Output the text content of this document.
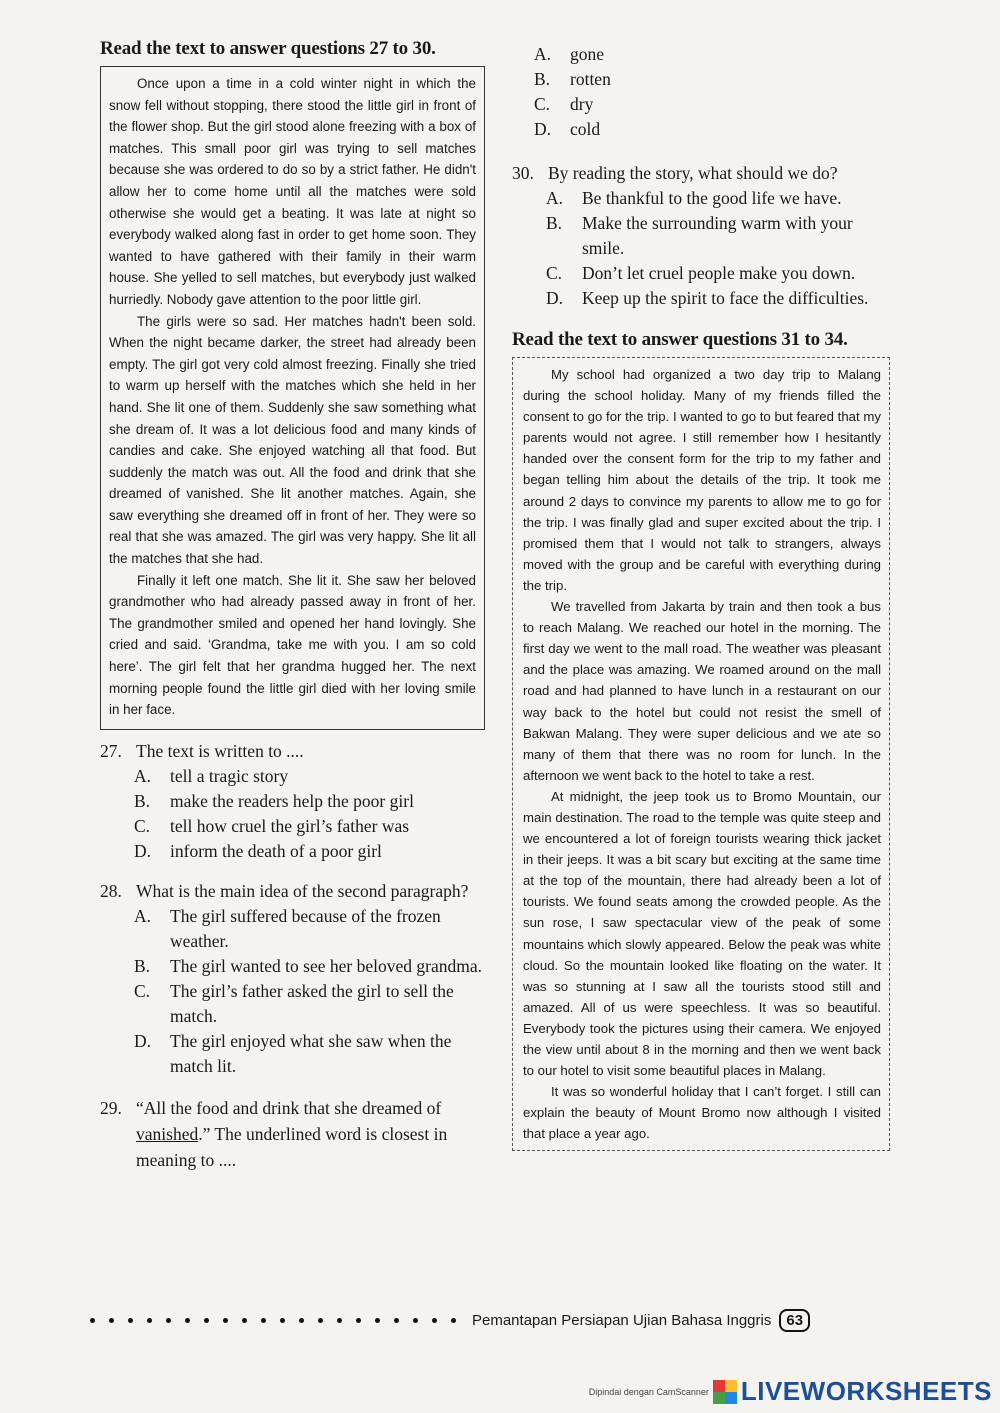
Read the text to answer questions 27 to 30.

Once upon a time in a cold winter night in which the snow fell without stopping, there stood the little girl in front of the flower shop. But the girl stood alone freezing with a box of matches. This small poor girl was trying to sell matches because she was ordered to do so by a strict father. He didn't allow her to come home until all the matches were sold otherwise she would get a beating. It was late at night so everybody walked along fast in order to get home soon. They wanted to have gathered with their family in their warm house. She yelled to sell matches, but everybody just walked hurriedly. Nobody gave attention to the poor little girl.

The girls were so sad. Her matches hadn't been sold. When the night became darker, the street had already been empty. The girl got very cold almost freezing. Finally she tried to warm up herself with the matches which she held in her hand. She lit one of them. Suddenly she saw something what she dream of. It was a lot delicious food and many kinds of candies and cake. She enjoyed watching all that food. But suddenly the match was out. All the food and drink that she dreamed of vanished. She lit another matches. Again, she saw everything she dreamed off in front of her. They were so real that she was amazed. The girl was very happy. She lit all the matches that she had.

Finally it left one match. She lit it. She saw her beloved grandmother who had already passed away in front of her. The grandmother smiled and opened her hand lovingly. She cried and said. ‘Grandma, take me with you. I am so cold here’. The girl felt that her grandma hugged her. The next morning people found the little girl died with her loving smile in her face.

27. The text is written to ....
A.	tell a tragic story
B.	make the readers help the poor girl
C.	tell how cruel the girl’s father was
D.	inform the death of a poor girl
28. What is the main idea of the second paragraph?
A.	The girl suffered because of the frozen weather.
B.	The girl wanted to see her beloved grandma.
C.	The girl’s father asked the girl to sell the match.
D.	The girl enjoyed what she saw when the match lit.
29. “All the food and drink that she dreamed of vanished.” The underlined word is closest in meaning to ....
A.	gone
B.	rotten
C.	dry
D.	cold
30. By reading the story, what should we do?
A.	Be thankful to the good life we have.
B.	Make the surrounding warm with your smile.
C.	Don’t let cruel people make you down.
D.	Keep up the spirit to face the difficulties.
Read the text to answer questions 31 to 34.

My school had organized a two day trip to Malang during the school holiday. Many of my friends filled the consent to go for the trip. I wanted to go to but feared that my parents would not agree. I still remember how I hesitantly handed over the consent form for the trip to my father and began telling him about the details of the trip. It took me around 2 days to convince my parents to allow me to go for the trip. I was finally glad and super excited about the trip. I promised them that I would not talk to strangers, always moved with the group and be careful with everything during the trip.

We travelled from Jakarta by train and then took a bus to reach Malang. We reached our hotel in the morning. The first day we went to the mall road. The weather was pleasant and the place was amazing. We roamed around on the mall road and had planned to have lunch in a restaurant on our way back to the hotel but could not resist the smell of Bakwan Malang. They were super delicious and we ate so many of them that there was no room for lunch. In the afternoon we went back to the hotel to take a rest.

At midnight, the jeep took us to Bromo Mountain, our main destination. The road to the temple was quite steep and we encountered a lot of foreign tourists wearing thick jacket in their jeeps. It was a bit scary but exciting at the same time at the top of the mountain, there had already been a lot of tourists. We found seats among the crowded people. As the sun rose, I saw spectacular view of the peak of some mountains which slowly appeared. Below the peak was white cloud. So the mountain looked like floating on the water. It was so stunning at I saw all the tourists stood still and amazed. All of us were speechless. It was so beautiful. Everybody took the pictures using their camera. We enjoyed the view until about 8 in the morning and then we went back to our hotel to visit some beautiful places in Malang.

It was so wonderful holiday that I can’t forget. I still can explain the beauty of Mount Bromo now although I visited that place a year ago.

Pemantapan Persiapan Ujian Bahasa Inggris	63
Dipindai dengan CamScanner LIVEWORKSHEETS
